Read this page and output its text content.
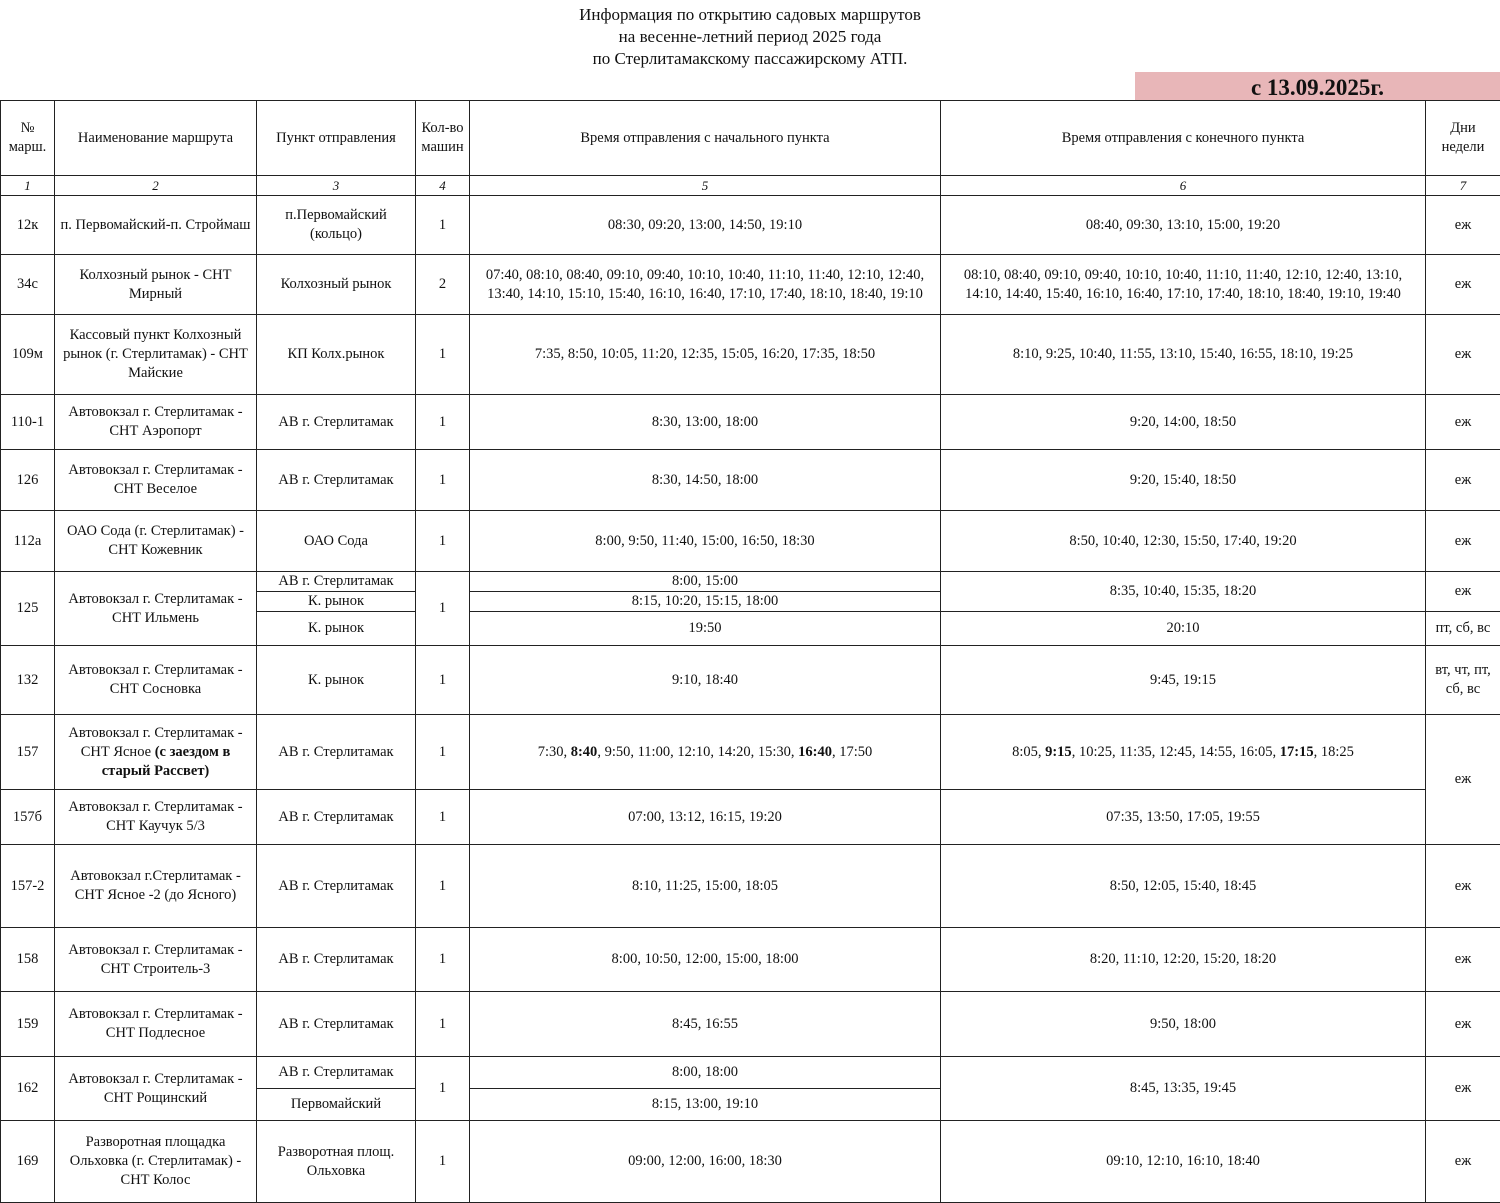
Информация по открытию садовых маршрутов
на весенне-летний период 2025 года
по Стерлитамакскому пассажирскому АТП.
с 13.09.2025г.
№ марш.	Наименование маршрута	Пункт отправления	Кол-во машин	Время отправления с начального пункта	Время отправления с конечного пункта	Дни недели
1	2	3	4	5	6	7
12к	п. Первомайский-п. Строймаш	п.Первомайский (кольцо)	1	08:30, 09:20, 13:00, 14:50, 19:10	08:40, 09:30, 13:10, 15:00, 19:20	еж
34с	Колхозный рынок - СНТ Мирный	Колхозный рынок	2	07:40, 08:10, 08:40, 09:10, 09:40, 10:10, 10:40, 11:10, 11:40, 12:10, 12:40, 13:40, 14:10, 15:10, 15:40, 16:10, 16:40, 17:10, 17:40, 18:10, 18:40, 19:10	08:10, 08:40, 09:10, 09:40, 10:10, 10:40, 11:10, 11:40, 12:10, 12:40, 13:10, 14:10, 14:40, 15:40, 16:10, 16:40, 17:10, 17:40, 18:10, 18:40, 19:10, 19:40	еж
109м	Кассовый пункт Колхозный рынок (г. Стерлитамак) - СНТ Майские	КП Колх.рынок	1	7:35, 8:50, 10:05, 11:20, 12:35, 15:05, 16:20, 17:35, 18:50	8:10, 9:25, 10:40, 11:55, 13:10, 15:40, 16:55, 18:10, 19:25	еж
110-1	Автовокзал г. Стерлитамак - СНТ Аэропорт	АВ г. Стерлитамак	1	8:30, 13:00, 18:00	9:20, 14:00, 18:50	еж
126	Автовокзал г. Стерлитамак - СНТ Веселое	АВ г. Стерлитамак	1	8:30, 14:50, 18:00	9:20, 15:40, 18:50	еж
112а	ОАО Сода (г. Стерлитамак) - СНТ Кожевник	ОАО Сода	1	8:00, 9:50, 11:40, 15:00, 16:50, 18:30	8:50, 10:40, 12:30, 15:50, 17:40, 19:20	еж
125	Автовокзал г. Стерлитамак - СНТ Ильмень	АВ г. Стерлитамак	1	8:00, 15:00	8:35, 10:40, 15:35, 18:20	еж
		К. рынок		8:15, 10:20, 15:15, 18:00		
		К. рынок		19:50	20:10	пт, сб, вс
132	Автовокзал г. Стерлитамак - СНТ Сосновка	К. рынок	1	9:10, 18:40	9:45, 19:15	вт, чт, пт, сб, вс
157	Автовокзал г. Стерлитамак - СНТ Ясное (с заездом в старый Рассвет)	АВ г. Стерлитамак	1	7:30, 8:40, 9:50, 11:00, 12:10, 14:20, 15:30, 16:40, 17:50	8:05, 9:15, 10:25, 11:35, 12:45, 14:55, 16:05, 17:15, 18:25	еж
157б	Автовокзал г. Стерлитамак - СНТ Каучук 5/3	АВ г. Стерлитамак	1	07:00, 13:12, 16:15, 19:20	07:35, 13:50, 17:05, 19:55	
157-2	Автовокзал г.Стерлитамак - СНТ Ясное -2 (до Ясного)	АВ г. Стерлитамак	1	8:10, 11:25, 15:00, 18:05	8:50, 12:05, 15:40, 18:45	еж
158	Автовокзал г. Стерлитамак - СНТ Строитель-3	АВ г. Стерлитамак	1	8:00, 10:50, 12:00, 15:00, 18:00	8:20, 11:10, 12:20, 15:20, 18:20	еж
159	Автовокзал г. Стерлитамак - СНТ Подлесное	АВ г. Стерлитамак	1	8:45, 16:55	9:50, 18:00	еж
162	Автовокзал г. Стерлитамак - СНТ Рощинский	АВ г. Стерлитамак	1	8:00, 18:00	8:45, 13:35, 19:45	еж
		Первомайский		8:15, 13:00, 19:10		
169	Разворотная площадка Ольховка (г. Стерлитамак) - СНТ Колос	Разворотная площ. Ольховка	1	09:00, 12:00, 16:00, 18:30	09:10, 12:10, 16:10, 18:40	еж
